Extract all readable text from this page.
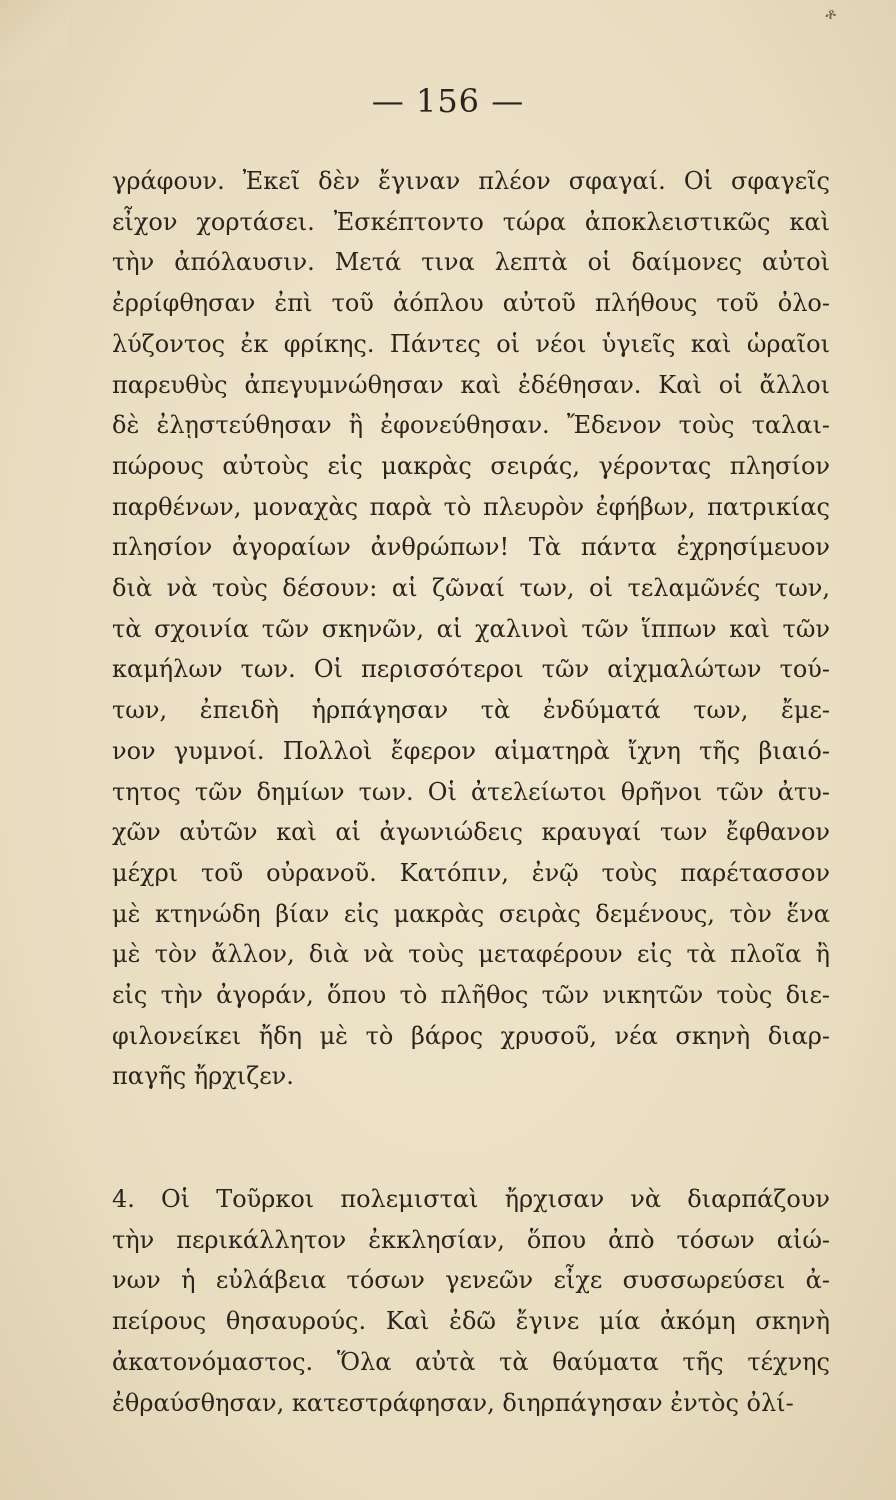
ቶ
— 156 —
γράφουν. Ἐκεῖ δὲν ἔγιναν πλέον σφαγαί. Οἱ σφαγεῖς
εἶχον χορτάσει. Ἐσκέπτοντο τώρα ἀποκλειστικῶς καὶ
τὴν ἀπόλαυσιν. Μετά τινα λεπτὰ οἱ δαίμονες αὐτοὶ
ἐρρίφθησαν ἐπὶ τοῦ ἀόπλου αὐτοῦ πλήθους τοῦ ὀλο-
λύζοντος ἐκ φρίκης. Πάντες οἱ νέοι ὑγιεῖς καὶ ὡραῖοι
παρευθὺς ἀπεγυμνώθησαν καὶ ἐδέθησαν. Καὶ οἱ ἄλλοι
δὲ ἐλῃστεύθησαν ἢ ἐφονεύθησαν. Ἔδενον τοὺς ταλαι-
πώρους αὐτοὺς εἰς μακρὰς σειράς, γέροντας πλησίον
παρθένων, μοναχὰς παρὰ τὸ πλευρὸν ἐφήβων, πατρικίας
πλησίον ἀγοραίων ἀνθρώπων! Τὰ πάντα ἐχρησίμευον
διὰ νὰ τοὺς δέσουν: αἱ ζῶναί των, οἱ τελαμῶνές των,
τὰ σχοινία τῶν σκηνῶν, αἱ χαλινοὶ τῶν ἵππων καὶ τῶν
καμήλων των. Οἱ περισσότεροι τῶν αἰχμαλώτων τού-
των, ἐπειδὴ ἡρπάγησαν τὰ ἐνδύματά των, ἔμε-
νον γυμνοί. Πολλοὶ ἔφερον αἱματηρὰ ἴχνη τῆς βιαιό-
τητος τῶν δημίων των. Οἱ ἀτελείωτοι θρῆνοι τῶν ἀτυ-
χῶν αὐτῶν καὶ αἱ ἀγωνιώδεις κραυγαί των ἔφθανον
μέχρι τοῦ οὐρανοῦ. Κατόπιν, ἐνῷ τοὺς παρέτασσον
μὲ κτηνώδη βίαν εἰς μακρὰς σειρὰς δεμένους, τὸν ἕνα
μὲ τὸν ἄλλον, διὰ νὰ τοὺς μεταφέρουν εἰς τὰ πλοῖα ἢ
εἰς τὴν ἀγοράν, ὅπου τὸ πλῆθος τῶν νικητῶν τοὺς διε-
φιλονείκει ἤδη μὲ τὸ βάρος χρυσοῦ, νέα σκηνὴ διαρ-
παγῆς ἤρχιζεν.
4. Οἱ Τοῦρκοι πολεμισταὶ ἤρχισαν νὰ διαρπάζουν
τὴν περικάλλητον ἐκκλησίαν, ὅπου ἀπὸ τόσων αἰώ-
νων ἡ εὐλάβεια τόσων γενεῶν εἶχε συσσωρεύσει ἀ-
πείρους θησαυρούς. Καὶ ἐδῶ ἔγινε μία ἀκόμη σκηνὴ
ἀκατονόμαστος. Ὅλα αὐτὰ τὰ θαύματα τῆς τέχνης
ἐθραύσθησαν, κατεστράφησαν, διηρπάγησαν ἐντὸς ὀλί-
